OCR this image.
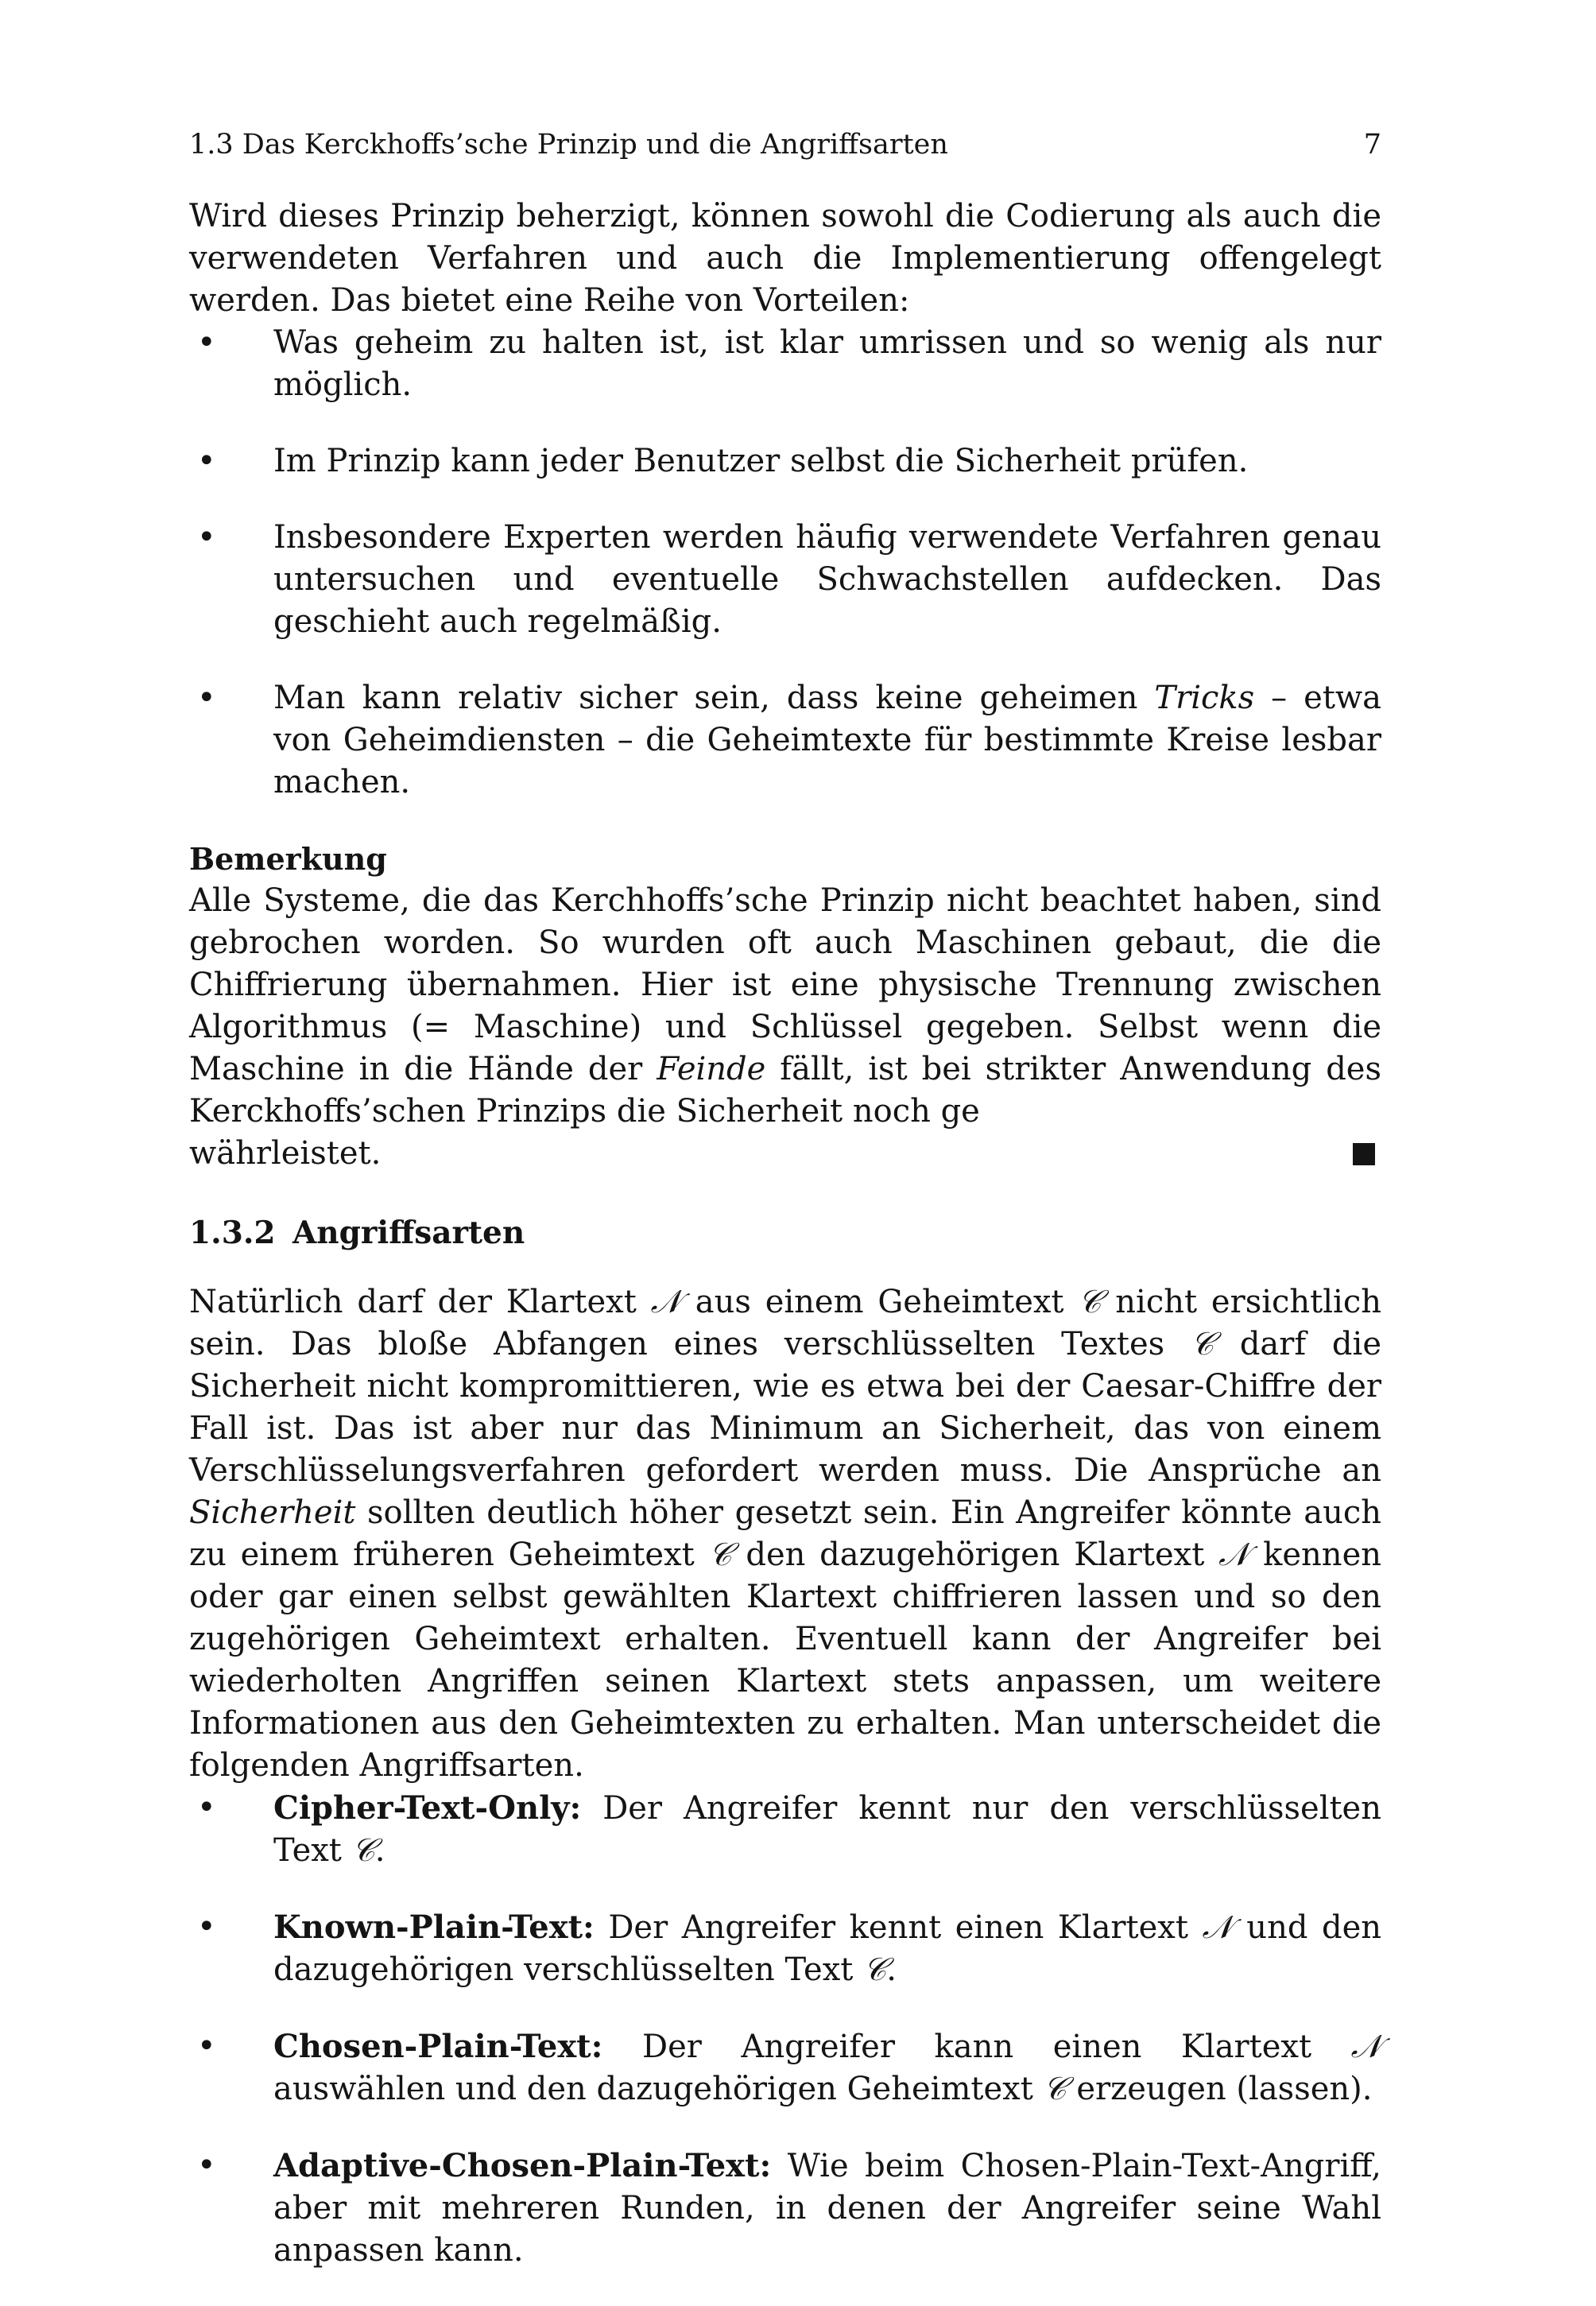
1.3 Das Kerckhoffs’sche Prinzip und die Angriffsarten	7

Wird dieses Prinzip beherzigt, können sowohl die Codierung als auch die verwendeten Verfahren und auch die Implementierung offengelegt werden. Das bietet eine Reihe von Vorteilen:

•	Was geheim zu halten ist, ist klar umrissen und so wenig als nur möglich.
•	Im Prinzip kann jeder Benutzer selbst die Sicherheit prüfen.
•	Insbesondere Experten werden häufig verwendete Verfahren genau untersuchen und eventuelle Schwachstellen aufdecken. Das geschieht auch regelmäßig.
•	Man kann relativ sicher sein, dass keine geheimen Tricks – etwa von Geheimdiensten – die Geheimtexte für bestimmte Kreise lesbar machen.

Bemerkung

Alle Systeme, die das Kerchhoffs’sche Prinzip nicht beachtet haben, sind gebrochen worden. So wurden oft auch Maschinen gebaut, die die Chiffrierung übernahmen. Hier ist eine physische Trennung zwischen Algorithmus (= Maschine) und Schlüssel gegeben. Selbst wenn die Maschine in die Hände der Feinde fällt, ist bei strikter Anwendung des Kerckhoffs’schen Prinzips die Sicherheit noch ge

währleistet.
1.3.2 Angriffsarten

Natürlich darf der Klartext 𝒩 aus einem Geheimtext 𝒞 nicht ersichtlich sein. Das bloße Abfangen eines verschlüsselten Textes 𝒞 darf die Sicherheit nicht kompromittieren, wie es etwa bei der Caesar-Chiffre der Fall ist. Das ist aber nur das Minimum an Sicherheit, das von einem Verschlüsselungsverfahren gefordert werden muss. Die Ansprüche an Sicherheit sollten deutlich höher gesetzt sein. Ein Angreifer könnte auch zu einem früheren Geheimtext 𝒞 den dazugehörigen Klartext 𝒩 kennen oder gar einen selbst gewählten Klartext chiffrieren lassen und so den zugehörigen Geheimtext erhalten. Eventuell kann der Angreifer bei wiederholten Angriffen seinen Klartext stets anpassen, um weitere Informationen aus den Geheimtexten zu erhalten. Man unterscheidet die folgenden Angriffsarten.

•	Cipher-Text-Only: Der Angreifer kennt nur den verschlüsselten Text 𝒞.
•	Known-Plain-Text: Der Angreifer kennt einen Klartext 𝒩 und den dazugehörigen verschlüsselten Text 𝒞.
•	Chosen-Plain-Text: Der Angreifer kann einen Klartext 𝒩 auswählen und den dazugehörigen Geheimtext 𝒞 erzeugen (lassen).
•	Adaptive-Chosen-Plain-Text: Wie beim Chosen-Plain-Text-Angriff, aber mit mehreren Runden, in denen der Angreifer seine Wahl anpassen kann.
